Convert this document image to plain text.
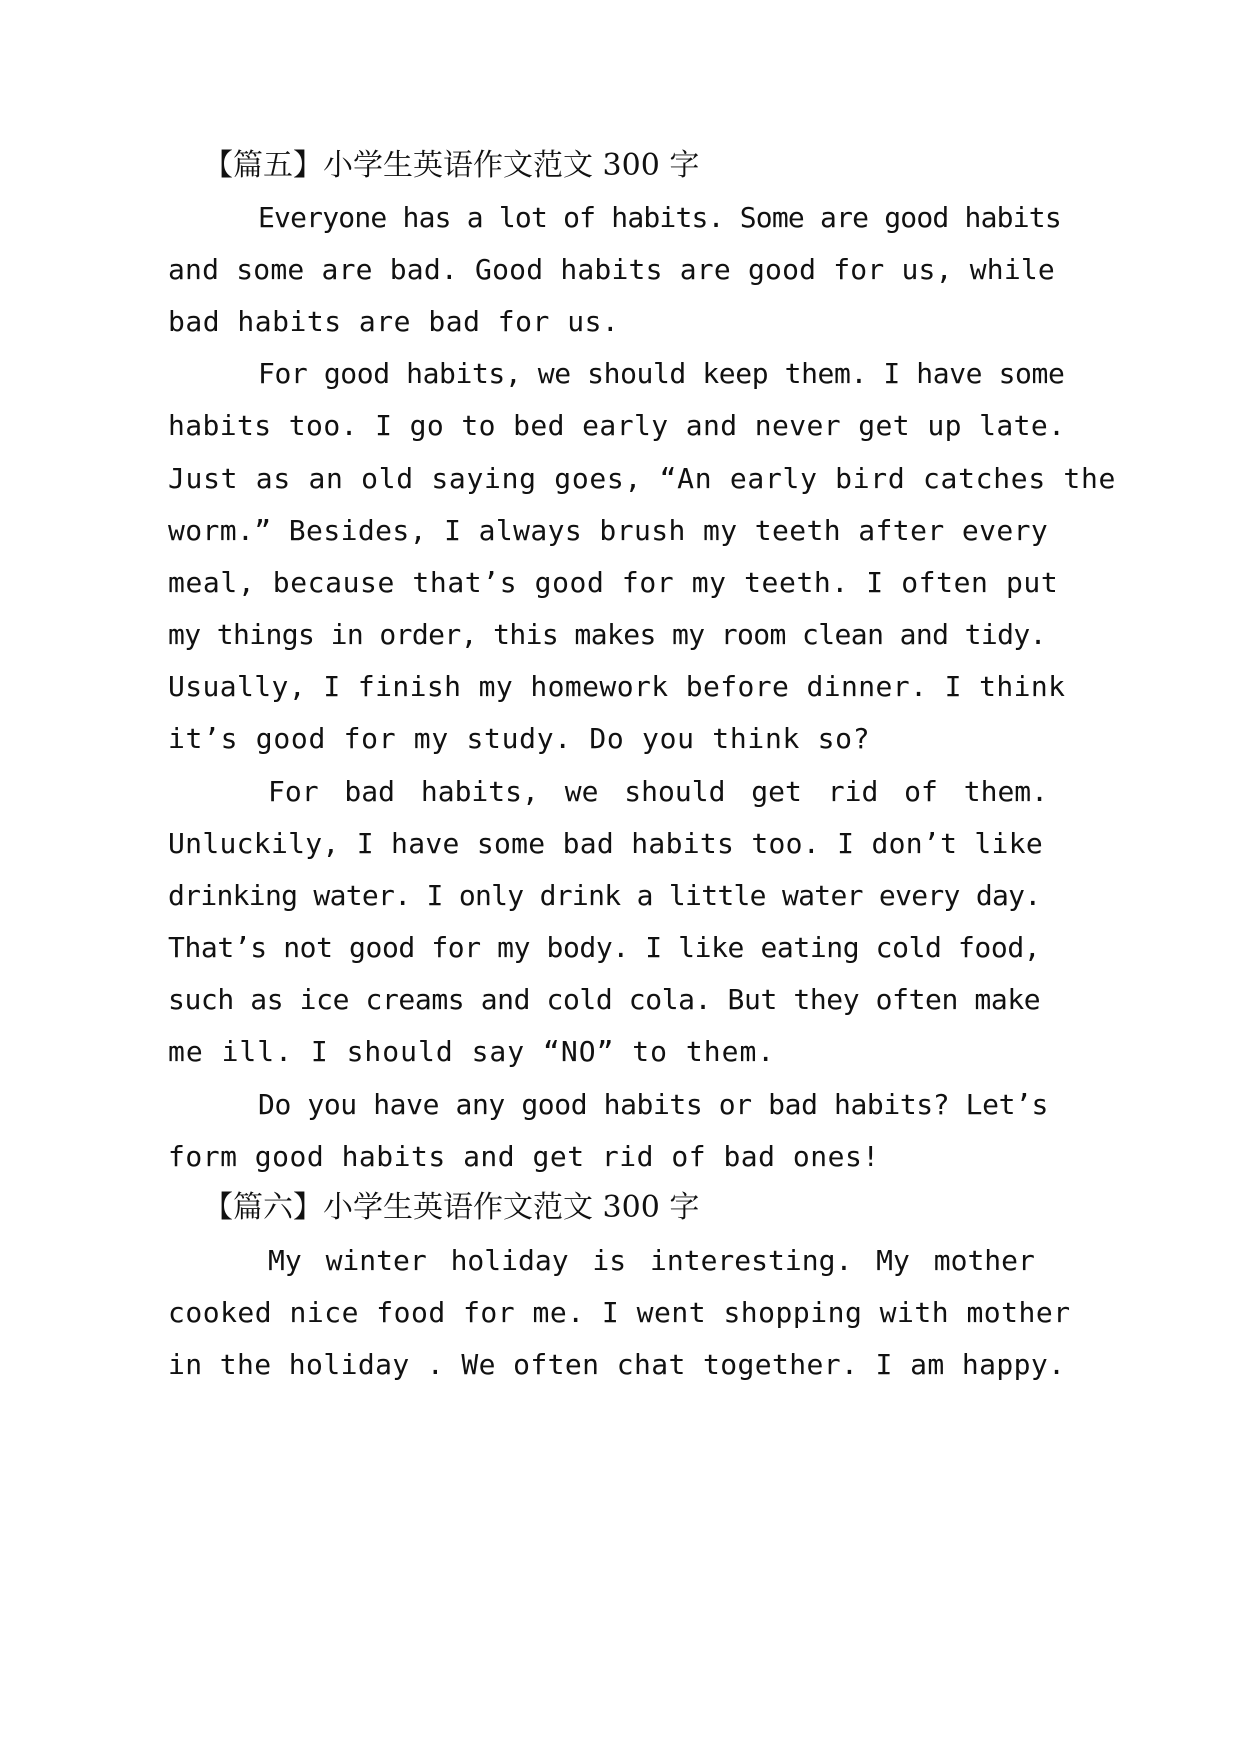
【篇五】小学生英语作文范文 300 字
Everyone has a lot of habits. Some are good habits
and some are bad. Good habits are good for us, while
bad habits are bad for us.
For good habits, we should keep them. I have some
habits too. I go to bed early and never get up late.
Just as an old saying goes, “An early bird catches the
worm.” Besides, I always brush my teeth after every
meal, because that’s good for my teeth. I often put
my things in order, this makes my room clean and tidy.
Usually, I finish my homework before dinner. I think
it’s good for my study. Do you think so?
For bad habits, we should get rid of them.
Unluckily, I have some bad habits too. I don’t like
drinking water. I only drink a little water every day.
That’s not good for my body. I like eating cold food,
such as ice creams and cold cola. But they often make
me ill. I should say “NO” to them.
Do you have any good habits or bad habits? Let’s
form good habits and get rid of bad ones!
【篇六】小学生英语作文范文 300 字
My winter holiday is interesting. My mother
cooked nice food for me. I went shopping with mother
in the holiday . We often chat together. I am happy.
